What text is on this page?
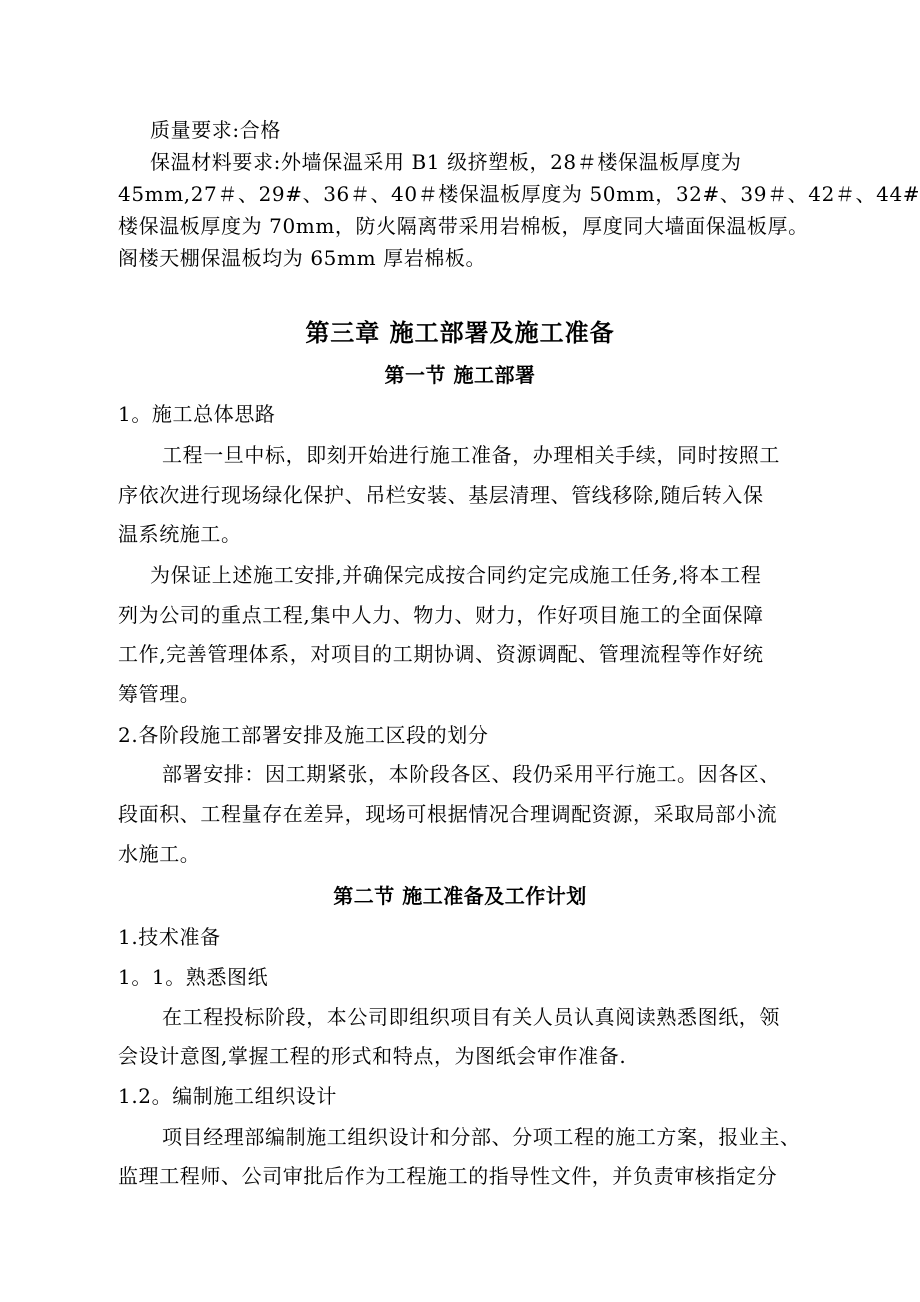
质量要求:合格
保温材料要求:外墙保温采用 B1 级挤塑板，28＃楼保温板厚度为
45mm,27＃、29#、36＃、40＃楼保温板厚度为 50mm，32#、39＃、42＃、44#
楼保温板厚度为 70mm，防火隔离带采用岩棉板，厚度同大墙面保温板厚。
阁楼天棚保温板均为 65mm 厚岩棉板。
第三章 施工部署及施工准备
第一节 施工部署
1。施工总体思路
工程一旦中标，即刻开始进行施工准备，办理相关手续，同时按照工
序依次进行现场绿化保护、吊栏安装、基层清理、管线移除,随后转入保
温系统施工。
为保证上述施工安排,并确保完成按合同约定完成施工任务,将本工程
列为公司的重点工程,集中人力、物力、财力，作好项目施工的全面保障
工作,完善管理体系，对项目的工期协调、资源调配、管理流程等作好统
筹管理。
2.各阶段施工部署安排及施工区段的划分
部署安排：因工期紧张，本阶段各区、段仍采用平行施工。因各区、
段面积、工程量存在差异，现场可根据情况合理调配资源，采取局部小流
水施工。
第二节 施工准备及工作计划
1.技术准备
1。1。熟悉图纸
在工程投标阶段，本公司即组织项目有关人员认真阅读熟悉图纸，领
会设计意图,掌握工程的形式和特点，为图纸会审作准备.
1.2。编制施工组织设计
项目经理部编制施工组织设计和分部、分项工程的施工方案，报业主、
监理工程师、公司审批后作为工程施工的指导性文件，并负责审核指定分
